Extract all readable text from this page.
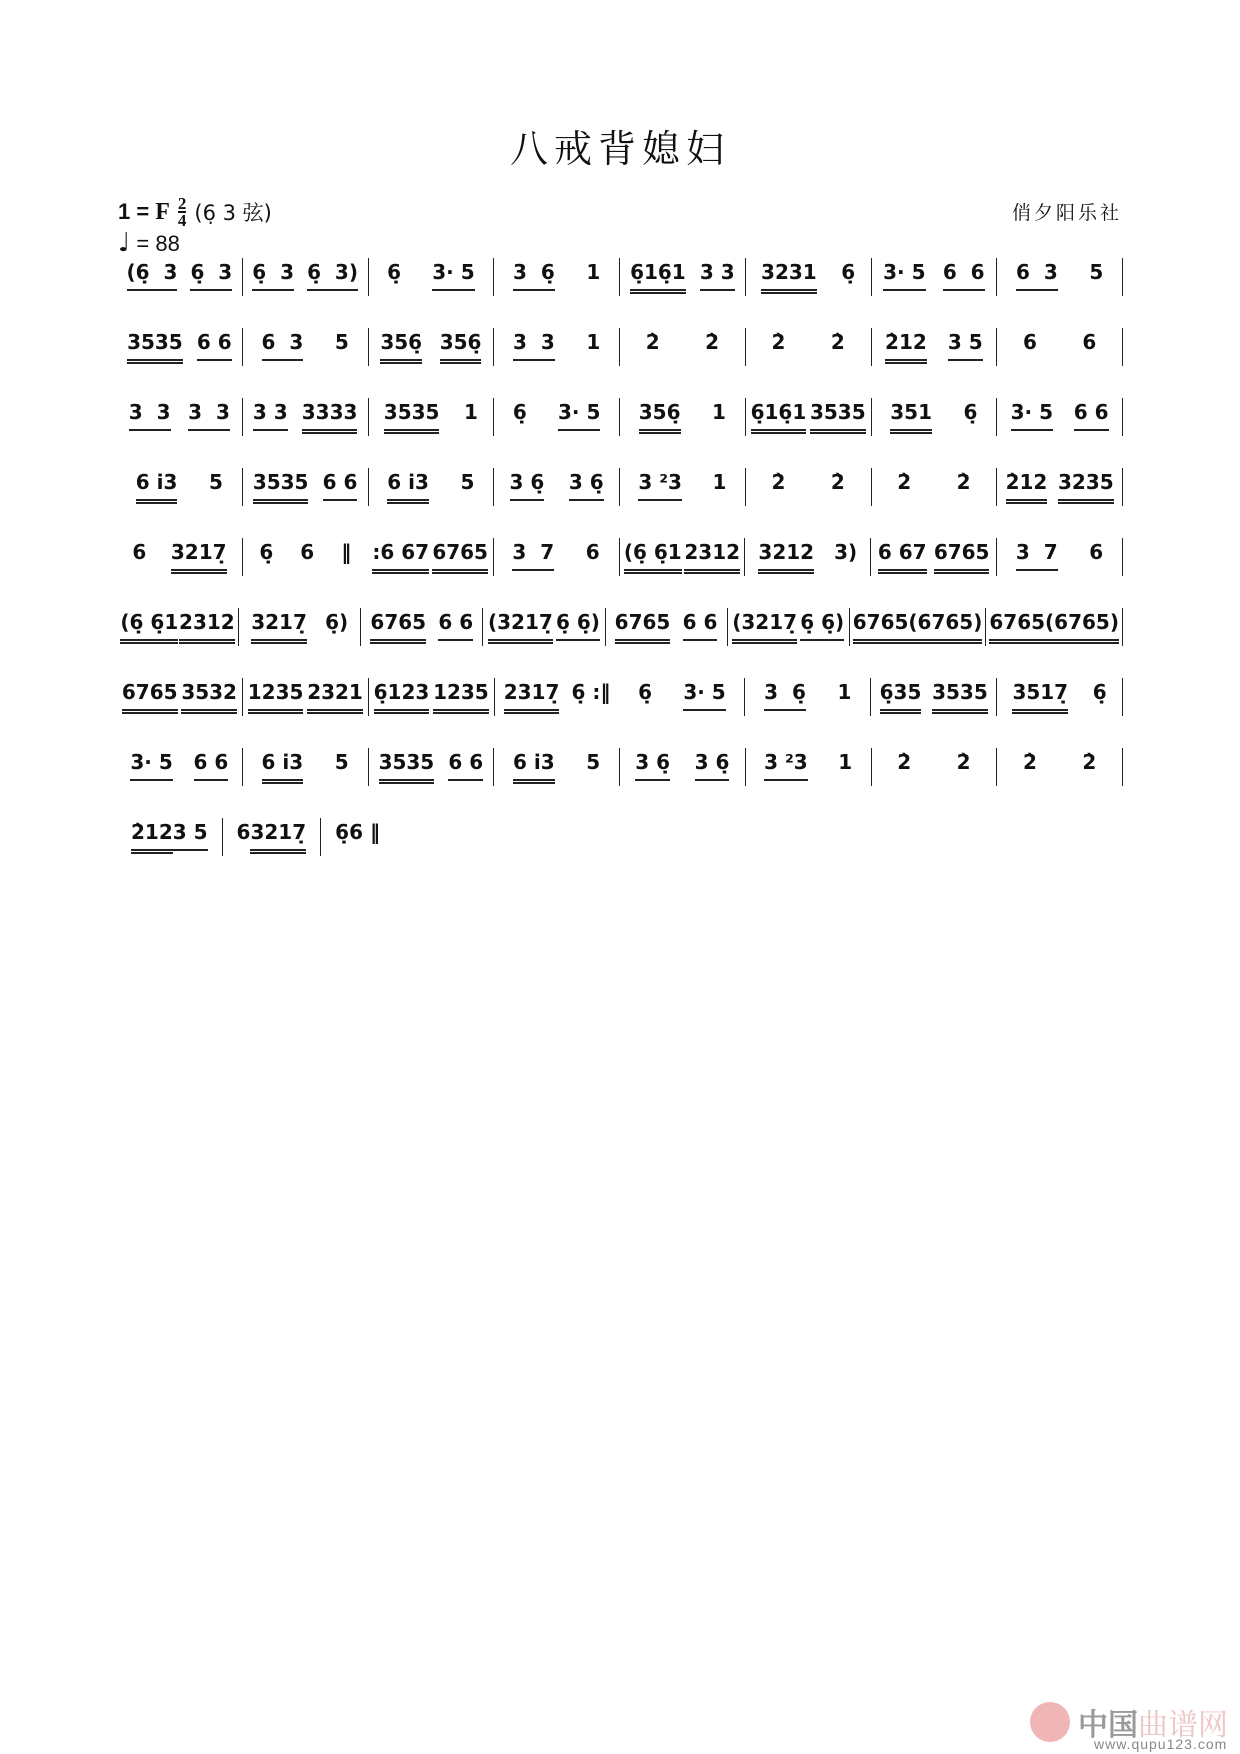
八戒背媳妇
1 = F $\frac{2}{4}$ (6̣ 3 弦)
♩ = 88
俏夕阳乐社
(6̣  3 6̣  3 6̣  3 6̣  3) 6̣ 3· 5 3  6̣ 1 6̣16̣1 3 3 3231 6̣ 3· 5 6  6 6  3 5
3535 6 6 6  3 5 356̣ 356̣ 3  3 1 2̀ 2̀	2̀ 2̀ 2̀12 3 5 6 6
3  3 3  3 3 3 3333 3535 1 6̣ 3· 5 356̣ 1 6̣16̣1 3535 351 6̣ 3· 5 6 6
6 i̇3 5 3535 6 6 6 i̇3 5 3 6̣ 3 6̣ 3 ²3 1 2̀ 2̀	2̀ 2̀ 2̀12 3235
6 3217̣ 6̣ 6 ‖ :6 67 6765 3  7 6 (6̣ 6̣1 2312 3212 3) 6 67 6765 3  7 6
(6̣ 6̣1 2312 3217̣ 6̣) 6765 6 6 (3217̣ 6̣ 6̣) 6765 6 6 (3217̣ 6̣ 6̣) 6765(6765) 6765(6765)
6765 3532 1235 2321 6̣123 1235 2317̣ 6̣ :‖ 6̣ 3· 5 3  6̣ 1 6̣35 3535 3517̣ 6̣
3· 5 6 6 6 i̇3 5 3535 6 6 6 i̇3 5 3 6̣ 3 6̣ 3 ²3 1 2̀ 2̀	2̀ 2̀
2̀12 3 5 6 3217̣ 6̣ 6 ‖
中国曲谱网
www.qupu123.com
